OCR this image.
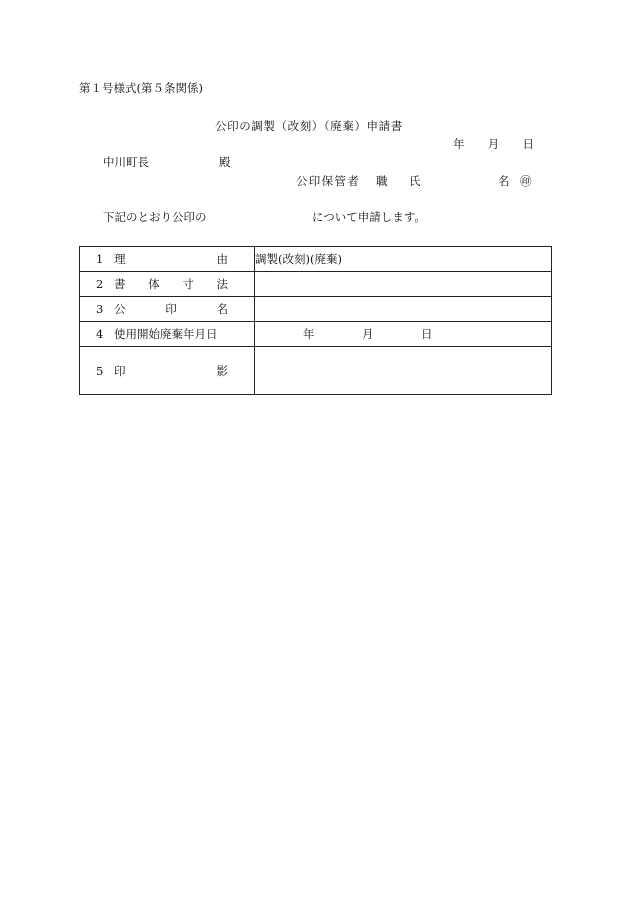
第１号様式(第５条関係)
公印の調製（改刻）（廃棄）申請書
年 月 日
中川町長	殿
公印保管者 職 氏	名 ㊞
下記のとおり公印の	について申請します。
1 理 由	調製(改刻)(廃棄)

2 書 体 寸 法	

3 公 印 名	

4 使用開始廃棄年月日	年 月 日

5 印 影	
